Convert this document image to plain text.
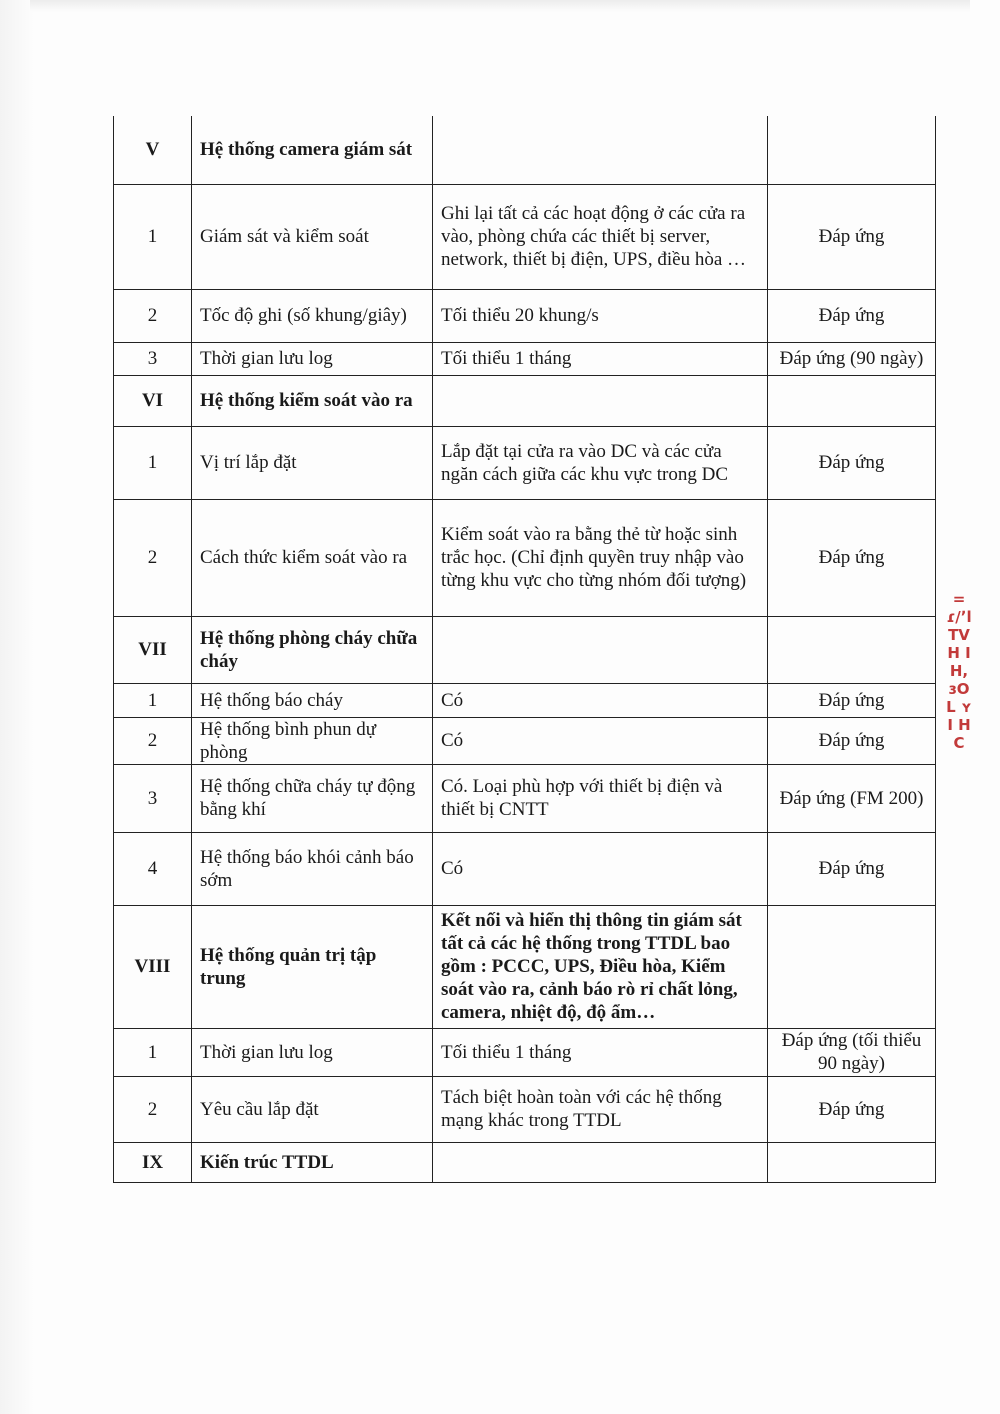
V	Hệ thống camera giám sát		
1	Giám sát và kiểm soát	Ghi lại tất cả các hoạt động ở các cửa ra vào, phòng chứa các thiết bị server, network, thiết bị điện, UPS, điều hòa …	Đáp ứng
2	Tốc độ ghi (số khung/giây)	Tối thiểu 20 khung/s	Đáp ứng
3	Thời gian lưu log	Tối thiểu 1 tháng	Đáp ứng (90 ngày)
VI	Hệ thống kiểm soát vào ra		
1	Vị trí lắp đặt	Lắp đặt tại cửa ra vào DC và các cửa ngăn cách giữa các khu vực trong DC	Đáp ứng
2	Cách thức kiểm soát vào ra	Kiểm soát vào ra bằng thẻ từ hoặc sinh trắc học. (Chỉ định quyền truy nhập vào từng khu vực cho từng nhóm đối tượng)	Đáp ứng
VII	Hệ thống phòng cháy chữa cháy		
1	Hệ thống báo cháy	Có	Đáp ứng
2	Hệ thống bình phun dự phòng	Có	Đáp ứng
3	Hệ thống chữa cháy tự động bằng khí	Có. Loại phù hợp với thiết bị điện và thiết bị CNTT	Đáp ứng (FM 200)
4	Hệ thống báo khói cảnh báo sớm	Có	Đáp ứng
VIII	Hệ thống quản trị tập trung	Kết nối và hiển thị thông tin giám sát tất cả các hệ thống trong TTDL bao gồm : PCCC, UPS, Điều hòa, Kiểm soát vào ra, cảnh báo rò rỉ chất lỏng, camera, nhiệt độ, độ ẩm…	
1	Thời gian lưu log	Tối thiểu 1 tháng	Đáp ứng (tối thiểu 90 ngày)
2	Yêu cầu lắp đặt	Tách biệt hoàn toàn với các hệ thống mạng khác trong TTDL	Đáp ứng
IX	Kiến trúc TTDL		
=ɾ/ʼl TV H IH, ɜOL ʏI HC
